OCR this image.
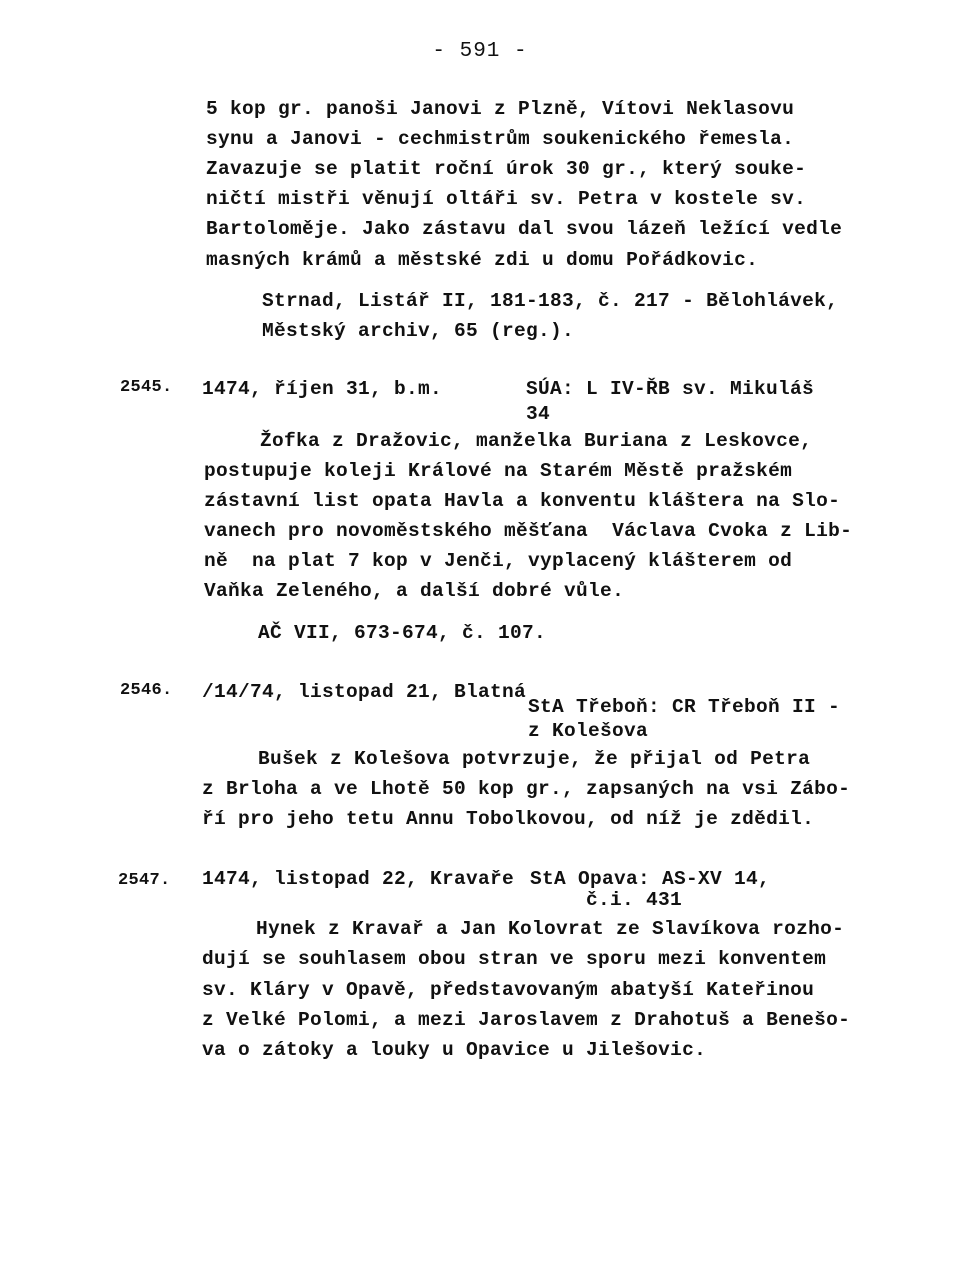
- 591 -
5 kop gr. panoši Janovi z Plzně, Vítovi Neklasovu
synu a Janovi - cechmistrům soukenického řemesla.
Zavazuje se platit roční úrok 30 gr., který souke-
ničtí mistři věnují oltáři sv. Petra v kostele sv.
Bartoloměje. Jako zástavu dal svou lázeň ležící vedle
masných krámů a městské zdi u domu Pořádkovic.
Strnad, Listář II, 181-183, č. 217 - Bělohlávek,
Městský archiv, 65 (reg.).
2545. 1474, říjen 31, b.m.	SÚA: L IV-ŘB sv. Mikuláš
34
Žofka z Dražovic, manželka Buriana z Leskovce,
postupuje koleji Králové na Starém Městě pražském
zástavní list opata Havla a konventu kláštera na Slo-
vanech pro novoměstského měšťana  Václava Cvoka z Lib-
ně  na plat 7 kop v Jenči, vyplacený klášterem od
Vaňka Zeleného, a další dobré vůle.
AČ VII, 673-674, č. 107.
2546. /14/74, listopad 21, Blatná
StA Třeboň: CR Třeboň II -
z Kolešova
Bušek z Kolešova potvrzuje, že přijal od Petra
z Brloha a ve Lhotě 50 kop gr., zapsaných na vsi Zábo-
ří pro jeho tetu Annu Tobolkovou, od níž je zdědil.
2547. 1474, listopad 22, Kravaře StA Opava: AS-XV 14,
č.i. 431
Hynek z Kravař a Jan Kolovrat ze Slavíkova rozho-
dují se souhlasem obou stran ve sporu mezi konventem
sv. Kláry v Opavě, představovaným abatyší Kateřinou
z Velké Polomi, a mezi Jaroslavem z Drahotuš a Benešo-
va o zátoky a louky u Opavice u Jilešovic.
